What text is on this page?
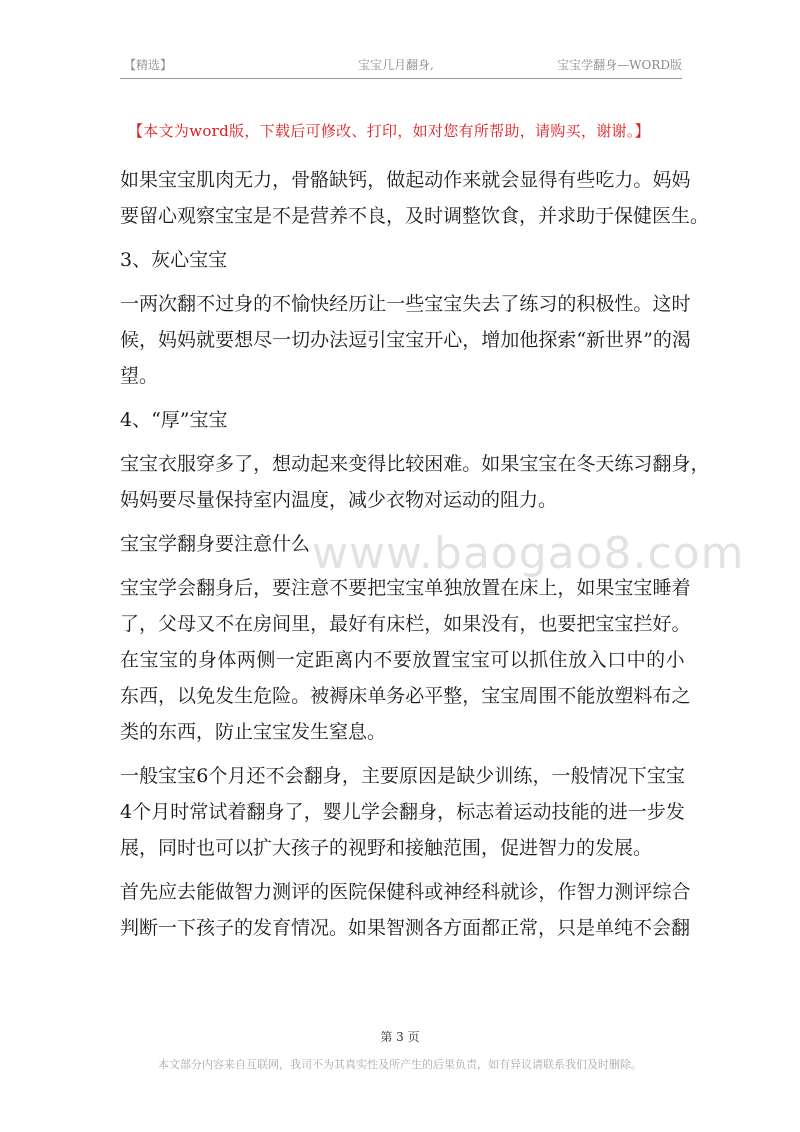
【精选】	宝宝几月翻身,	宝宝学翻身—WORD版
【本文为word版，下载后可修改、打印，如对您有所帮助，请购买，谢谢。】
www.baogao8.com
如 果 宝 宝 肌 肉 无 力 ， 骨 骼 缺 钙 ， 做 起 动 作 来 就 会 显 得 有 些 吃 力 。 妈 妈
要留心观察宝宝是不是营养不良，及时调整饮食，并求助于保健医生。
3、灰心宝宝
一 两 次 翻 不 过 身 的 不 愉 快 经 历 让 一 些 宝 宝 失 去 了 练 习 的 积 极 性 。 这 时
候 ， 妈 妈 就 要 想 尽 一 切 办 法 逗 引 宝 宝 开 心 ， 增 加 他 探 索 “ 新 世 界 ” 的 渴
望。
4、“厚”宝宝
宝 宝 衣 服 穿 多 了 ， 想 动 起 来 变 得 比 较 困 难 。 如 果 宝 宝 在 冬 天 练 习 翻 身 ，
妈妈要尽量保持室内温度，减少衣物对运动的阻力。
宝宝学翻身要注意什么
宝 宝 学 会 翻 身 后 ， 要 注 意 不 要 把 宝 宝 单 独 放 置 在 床 上 ， 如 果 宝 宝 睡 着
了 ， 父 母 又 不 在 房 间 里 ， 最 好 有 床 栏 ， 如 果 没 有 ， 也 要 把 宝 宝 拦 好 。
在 宝 宝 的 身 体 两 侧 一 定 距 离 内 不 要 放 置 宝 宝 可 以 抓 住 放 入 口 中 的 小
东 西 ， 以 免 发 生 危 险 。 被 褥 床 单 务 必 平 整 ， 宝 宝 周 围 不 能 放 塑 料 布 之
类的东西，防止宝宝发生窒息。
一 般 宝 宝 6 个 月 还 不 会 翻 身 ， 主 要 原 因 是 缺 少 训 练 ， 一 般 情 况 下 宝 宝
4 个 月 时 常 试 着 翻 身 了 ， 婴 儿 学 会 翻 身 ， 标 志 着 运 动 技 能 的 进 一 步 发
展，同时也可以扩大孩子的视野和接触范围，促进智力的发展。
首 先 应 去 能 做 智 力 测 评 的 医 院 保 健 科 或 神 经 科 就 诊 ， 作 智 力 测 评 综 合
判断一下孩子的发育情况。如果智测各方面都正常，只是单纯不会翻
第 3 页
本文部分内容来自互联网，我司不为其真实性及所产生的后果负责，如有异议请联系我们及时删除。
